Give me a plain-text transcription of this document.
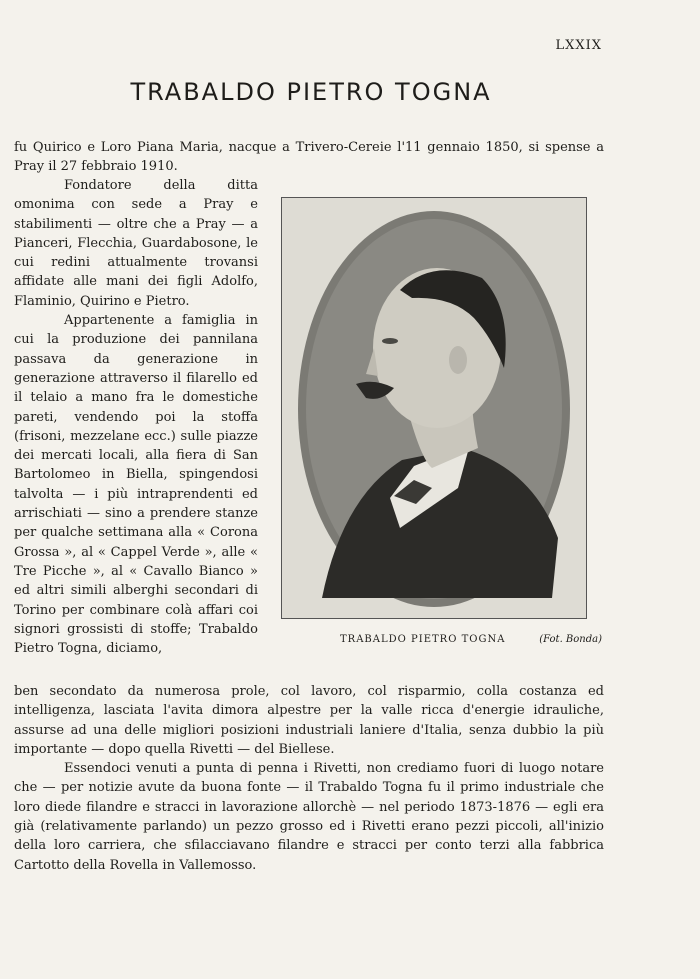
LXXIX
TRABALDO PIETRO TOGNA

fu Quirico e Loro Piana Maria, nacque a Trivero-Cereie l'11 gennaio 1850, si spense a Pray il 27 febbraio 1910.

Fondatore della ditta omonima con sede a Pray e stabilimenti — oltre che a Pray — a Pianceri, Flecchia, Guardabosone, le cui redini attualmente trovansi affidate alle mani dei figli Adolfo, Flaminio, Quirino e Pietro.

Appartenente a famiglia in cui la produzione dei pannilana passava da generazione in generazione attraverso il filarello ed il telaio a mano fra le domestiche pareti, vendendo poi la stoffa (frisoni, mezzelane ecc.) sulle piazze dei mercati locali, alla fiera di San Bartolomeo in Biella, spingendosi talvolta — i più intraprendenti ed arrischiati — sino a prendere stanze per qualche settimana alla « Corona Grossa », al « Cappel Verde », alle « Tre Picche », al « Cavallo Bianco » ed altri simili alberghi secondari di Torino per combinare colà affari coi signori grossisti di stoffe; Trabaldo Pietro Togna, diciamo,

TRABALDO PIETRO TOGNA	(Fot. Bonda)

ben secondato da numerosa prole, col lavoro, col risparmio, colla costanza ed intelligenza, lasciata l'avita dimora alpestre per la valle ricca d'energie idrauliche, assurse ad una delle migliori posizioni industriali laniere d'Italia, senza dubbio la più importante — dopo quella Rivetti — del Biellese.

Essendoci venuti a punta di penna i Rivetti, non crediamo fuori di luogo notare che — per notizie avute da buona fonte — il Trabaldo Togna fu il primo industriale che loro diede filandre e stracci in lavorazione allorchè — nel periodo 1873-1876 — egli era già (relativamente parlando) un pezzo grosso ed i Rivetti erano pezzi piccoli, all'inizio della loro carriera, che sfilacciavano filandre e stracci per conto terzi alla fabbrica Cartotto della Rovella in Vallemosso.
